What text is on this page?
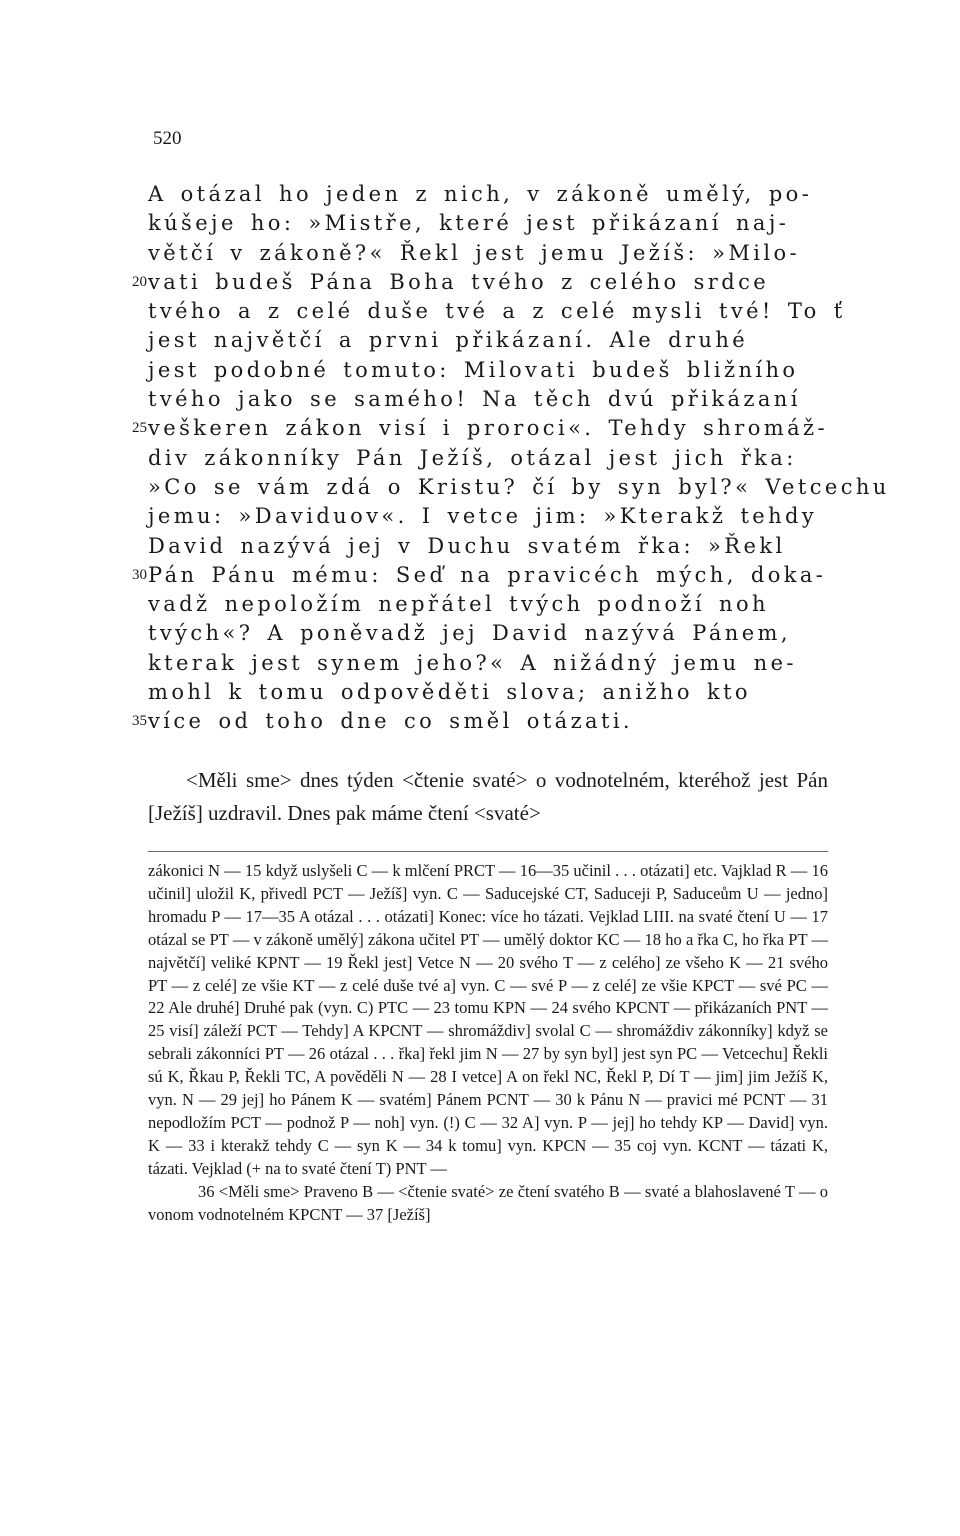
520
A otázal ho jeden z nich, v zákoně umělý, po-
kúšeje ho: »Mistře, které jest přikázaní naj-
větčí v zákoně?« Řekl jest jemu Ježíš: »Milo-
20 vati budeš Pána Boha tvého z celého srdce
tvého a z celé duše tvé a z celé mysli tvé! To ť
jest najvětčí a prvni přikázaní. Ale druhé
jest podobné tomuto: Milovati budeš bližního
tvého jako se samého! Na těch dvú přikázaní
25 veškeren zákon visí i proroci«. Tehdy shromáž-
div zákonníky Pán Ježíš, otázal jest jich řka:
»Co se vám zdá o Kristu? čí by syn byl?« Vetcechu
jemu: »Daviduov«. I vetce jim: »Kterakž tehdy
David nazývá jej v Duchu svatém řka: »Řekl
30 Pán Pánu mému: Seď na pravicéch mých, doka-
vadž nepoložím nepřátel tvých podnoží noh
tvých«? A poněvadž jej David nazývá Pánem,
kterak jest synem jeho?« A nižádný jemu ne-
mohl k tomu odpověděti slova; anižho kto
35 více od toho dne co směl otázati.

<Měli sme> dnes týden <čtenie svaté> o vodnotelném, kteréhož jest Pán [Ježíš] uzdravil. Dnes pak máme čtení <svaté>

zákonici N — 15 když uslyšeli C — k mlčení PRCT — 16—35 učinil . . . otázati] etc. Vajklad R — 16 učinil] uložil K, přivedl PCT — Ježíš] vyn. C — Saducejské CT, Saduceji P, Saduceům U — jedno] hromadu P — 17—35 A otázal . . . otázati] Konec: více ho tázati. Vejklad LIII. na svaté čtení U — 17 otázal se PT — v zákoně umělý] zákona učitel PT — umělý doktor KC — 18 ho a řka C, ho řka PT — najvětčí] veliké KPNT — 19 Řekl jest] Vetce N — 20 svého T — z celého] ze všeho K — 21 svého PT — z celé] ze všie KT — z celé duše tvé a] vyn. C — své P — z celé] ze všie KPCT — své PC — 22 Ale druhé] Druhé pak (vyn. C) PTC — 23 tomu KPN — 24 svého KPCNT — přikázaních PNT — 25 visí] záleží PCT — Tehdy] A KPCNT — shromáždiv] svolal C — shromáždiv zákonníky] když se sebrali zákonníci PT — 26 otázal . . . řka] řekl jim N — 27 by syn byl] jest syn PC — Vetcechu] Řekli sú K, Řkau P, Řekli TC, A pověděli N — 28 I vetce] A on řekl NC, Řekl P, Dí T — jim] jim Ježíš K, vyn. N — 29 jej] ho Pánem K — svatém] Pánem PCNT — 30 k Pánu N — pravici mé PCNT — 31 nepodložím PCT — podnož P — noh] vyn. (!) C — 32 A] vyn. P — jej] ho tehdy KP — David] vyn. K — 33 i kterakž tehdy C — syn K — 34 k tomu] vyn. KPCN — 35 coj vyn. KCNT — tázati K, tázati. Vejklad (+ na to svaté čtení T) PNT —

36 <Měli sme> Praveno B — <čtenie svaté> ze čtení svatého B — svaté a blahoslavené T — o vonom vodnotelném KPCNT — 37 [Ježíš]
